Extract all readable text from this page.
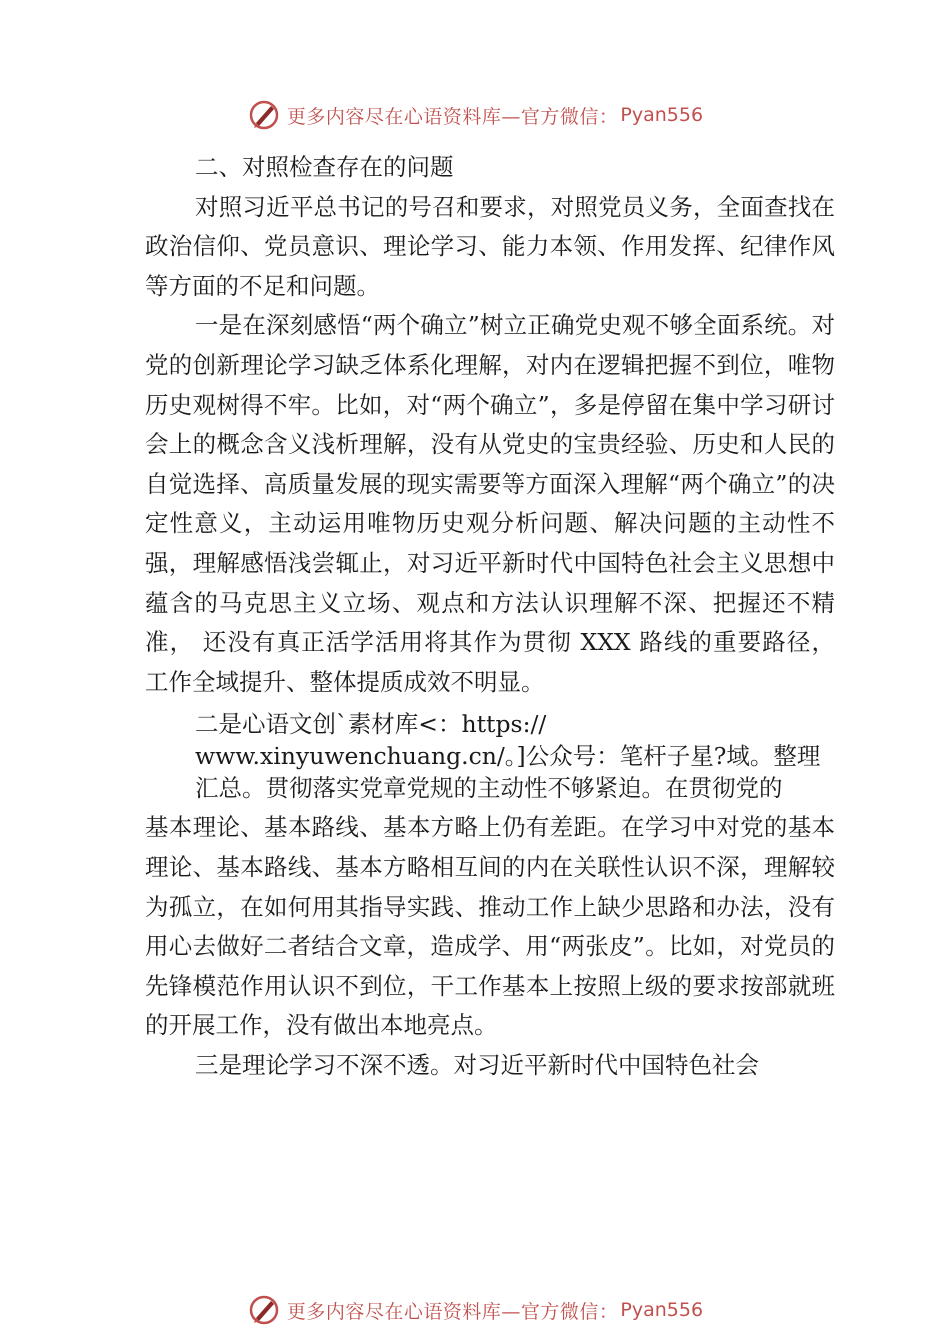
更多内容尽在心语资料库—官方微信： Pyan556

二、对照检查存在的问题

对照习近平总书记的号召和要求，对照党员义务，全面查找在政治信仰、党员意识、理论学习、能力本领、作用发挥、纪律作风等方面的不足和问题。

一是在深刻感悟“两个确立”树立正确党史观不够全面系统。对党的创新理论学习缺乏体系化理解，对内在逻辑把握不到位，唯物历史观树得不牢。比如，对“两个确立”，多是停留在集中学习研讨会上的概念含义浅析理解，没有从党史的宝贵经验、历史和人民的自觉选择、高质量发展的现实需要等方面深入理解“两个确立”的决定性意义，主动运用唯物历史观分析问题、解决问题的主动性不强，理解感悟浅尝辄止，对习近平新时代中国特色社会主义思想中蕴含的马克思主义立场、观点和方法认识理解不深、把握还不精准， 还没有真正活学活用将其作为贯彻 XXX 路线的重要路径， 工作全域提升、整体提质成效不明显。

二是心语文创`素材库<：https://

www.xinyuwenchuang.cn/。]公众号：笔杆子星?域。整理

汇总。贯彻落实党章党规的主动性不够紧迫。在贯彻党的

基本理论、基本路线、基本方略上仍有差距。在学习中对党的基本理论、基本路线、基本方略相互间的内在关联性认识不深，理解较为孤立，在如何用其指导实践、推动工作上缺少思路和办法，没有用心去做好二者结合文章，造成学、用“两张皮”。比如，对党员的先锋模范作用认识不到位，干工作基本上按照上级的要求按部就班的开展工作，没有做出本地亮点。

三是理论学习不深不透。对习近平新时代中国特色社会

更多内容尽在心语资料库—官方微信： Pyan556
